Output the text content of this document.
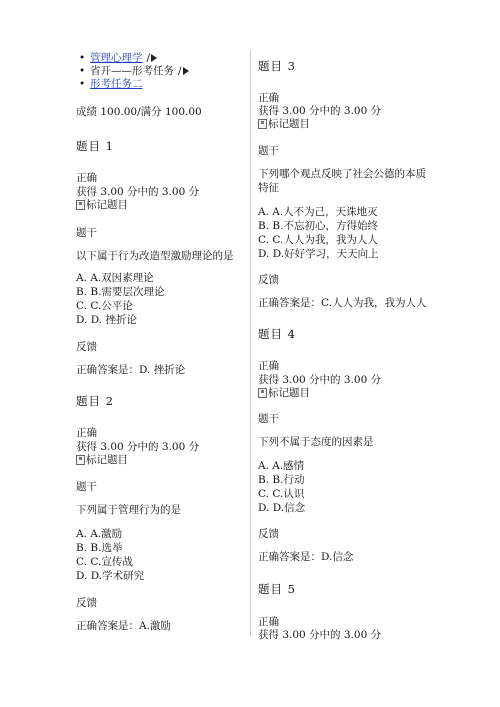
• 管理心理学 /
• 省开——形考任务 /
• 形考任务二
成绩 100.00/满分 100.00
题目 1
正确
获得 3.00 分中的 3.00 分
标记题目
题干
以下属于行为改造型激励理论的是
A. A.双因素理论
B. B.需要层次理论
C. C.公平论
D. D. 挫折论
反馈
正确答案是：D. 挫折论
题目 2
正确
获得 3.00 分中的 3.00 分
标记题目
题干
下列属于管理行为的是
A. A.激励
B. B.选举
C. C.宣传战
D. D.学术研究
反馈
正确答案是：A.激励
题目 3
正确
获得 3.00 分中的 3.00 分
标记题目
题干
下列哪个观点反映了社会公德的本质
特征
A. A.人不为己，天诛地灭
B. B.不忘初心，方得始终
C. C.人人为我，我为人人
D. D.好好学习，天天向上
反馈
正确答案是：C.人人为我，我为人人
题目 4
正确
获得 3.00 分中的 3.00 分
标记题目
题干
下列不属于态度的因素是
A. A.感情
B. B.行动
C. C.认识
D. D.信念
反馈
正确答案是：D.信念
题目 5
正确
获得 3.00 分中的 3.00 分
